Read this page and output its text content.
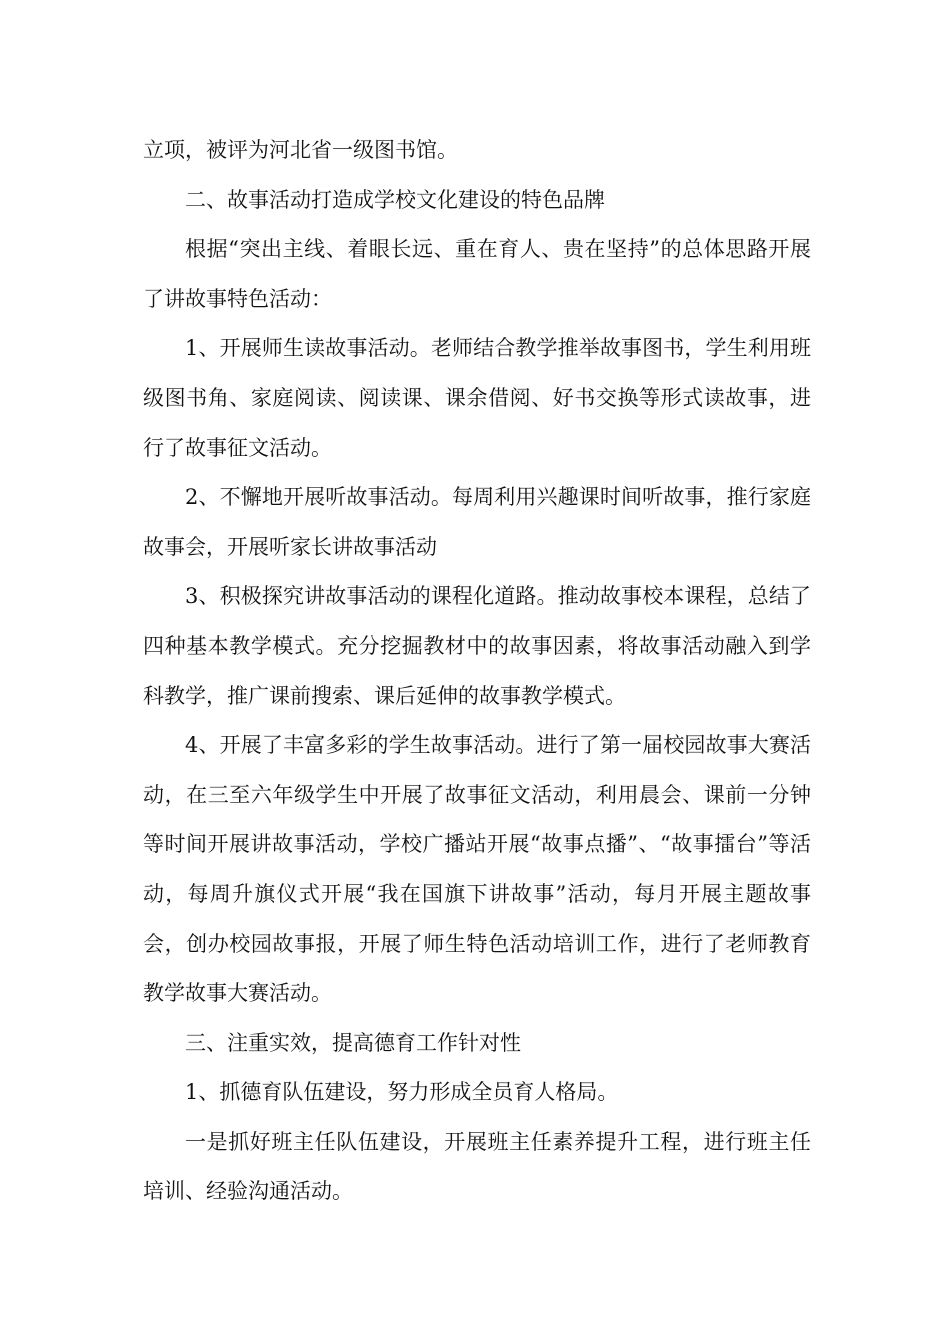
立项，被评为河北省一级图书馆。

二、故事活动打造成学校文化建设的特色品牌

根据“突出主线、着眼长远、重在育人、贵在坚持”的总体思路开展了讲故事特色活动：

1、开展师生读故事活动。老师结合教学推举故事图书，学生利用班级图书角、家庭阅读、阅读课、课余借阅、好书交换等形式读故事，进行了故事征文活动。

2、不懈地开展听故事活动。每周利用兴趣课时间听故事，推行家庭故事会，开展听家长讲故事活动

3、积极探究讲故事活动的课程化道路。推动故事校本课程，总结了四种基本教学模式。充分挖掘教材中的故事因素，将故事活动融入到学科教学，推广课前搜索、课后延伸的故事教学模式。

4、开展了丰富多彩的学生故事活动。进行了第一届校园故事大赛活动，在三至六年级学生中开展了故事征文活动，利用晨会、课前一分钟等时间开展讲故事活动，学校广播站开展“故事点播”、“故事擂台”等活动，每周升旗仪式开展“我在国旗下讲故事”活动，每月开展主题故事会，创办校园故事报，开展了师生特色活动培训工作，进行了老师教育教学故事大赛活动。

三、注重实效，提高德育工作针对性

1、抓德育队伍建设，努力形成全员育人格局。

一是抓好班主任队伍建设，开展班主任素养提升工程，进行班主任培训、经验沟通活动。
